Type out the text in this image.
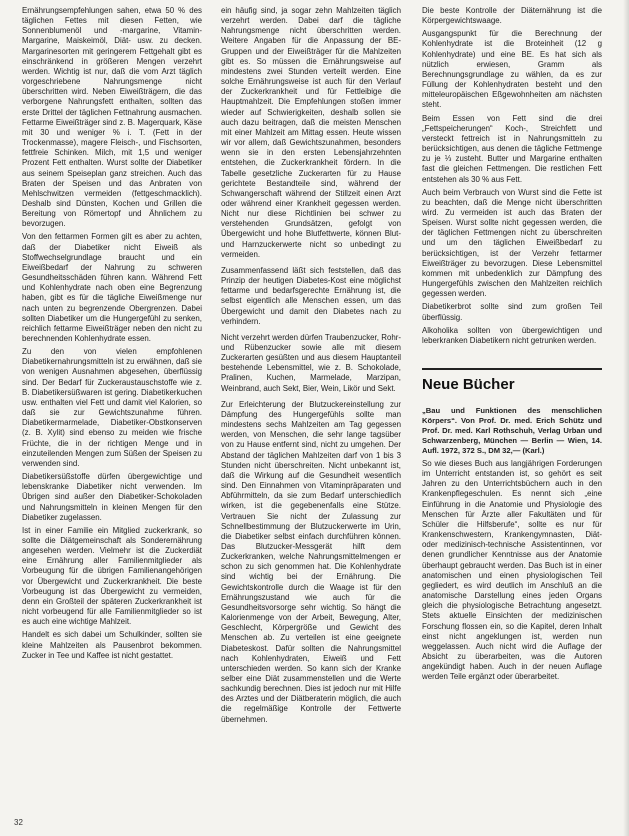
Ernährungsempfehlungen sahen, etwa 50 % des täglichen Fettes mit diesen Fetten, wie Sonnenblumenöl und -margarine, Vitamin-Margarine, Maiskeimöl, Diät- usw. zu decken. Margarinesorten mit geringerem Fettgehalt gibt es einschränkend in größeren Mengen verzehrt werden. Wichtig ist nur, daß die vom Arzt täglich vorgeschriebene Nahrungsmenge nicht überschritten wird. Neben Eiweißträgern, die das verborgene Nahrungsfett enthalten, sollten das erste Drittel der täglichen Fettnahrung ausmachen. Fettarme Eiweißträger sind z. B. Magerquark, Käse mit 30 und weniger % i. T. (Fett in der Trockenmasse), magere Fleisch-, und Fischsorten, fettfreie Schinken. Milch, mit 1,5 und weniger Prozent Fett enthalten. Wurst sollte der Diabetiker aus seinem Speiseplan ganz streichen. Auch das Braten der Speisen und das Anbraten von Mehlschwitzen vermeiden (fettgeschmacklich). Deshalb sind Dünsten, Kochen und Grillen die Bereitung von Römertopf und Ähnlichem zu bevorzugen.

Von den fettarmen Formen gilt es aber zu achten, daß der Diabetiker nicht Eiweiß als Stoffwechselgrundlage braucht und ein Eiweißbedarf der Nahrung zu schweren Gesundheitsschäden führen kann. Während Fett und Kohlenhydrate nach oben eine Begrenzung haben, gibt es für die tägliche Eiweißmenge nur nach unten zu begrenzende Obergrenzen. Dabei sollten Diabetiker um die Hungergefühl zu senken, reichlich fettarme Eiweißträger neben den nicht zu berechnenden Kohlenhydrate essen.

Zu den von vielen empfohlenen Diabetikernahrungsmitteln ist zu erwähnen, daß sie von wenigen Ausnahmen abgesehen, überflüssig sind. Der Bedarf für Zuckeraustauschstoffe wie z. B. Diabetikersüßwaren ist gering. Diabetikerkuchen usw. enthalten viel Fett und damit viel Kalorien, so daß sie zur Gewichtszunahme führen. Diabetikermarmelade, Diabetiker-Obstkonserven (z. B. Xylit) sind ebenso zu meiden wie frische Früchte, die in der richtigen Menge und in einzuteilenden Mengen zum Süßen der Speisen zu verwenden sind.

Diabetikersüßstoffe dürfen übergewichtige und lebenskranke Diabetiker nicht verwenden. Im Übrigen sind außer den Diabetiker-Schokoladen und Nahrungsmitteln in kleinen Mengen für den Diabetiker zugelassen.

Ist in einer Familie ein Mitglied zuckerkrank, so sollte die Diätgemeinschaft als Sonderernährung angesehen werden. Vielmehr ist die Zuckerdiät eine Ernährung aller Familienmitglieder als Vorbeugung für die übrigen Familienangehörigen vor Übergewicht und Zuckerkrankheit. Die beste Vorbeugung ist das Übergewicht zu vermeiden, denn ein Großteil der späteren Zuckerkrankheit ist nicht vorbeugend für alle Familienmitglieder so ist es auch eine wichtige Mahlzeit.

Handelt es sich dabei um Schulkinder, sollten sie kleine Mahlzeiten als Pausenbrot bekommen. Zucker in Tee und Kaffee ist nicht gestattet.

ein häufig sind, ja sogar zehn Mahlzeiten täglich verzehrt werden. Dabei darf die tägliche Nahrungsmenge nicht überschritten werden. Weitere Angaben für die Anpassung der BE-Gruppen und der Eiweißträger für die Mahlzeiten gibt es. So müssen die Ernährungsweise auf mindestens zwei Stunden verteilt werden. Eine solche Ernährungsweise ist auch für den Verlauf der Zuckerkrankheit und für Fettleibige die Hauptmahlzeit. Die Empfehlungen stoßen immer wieder auf Schwierigkeiten, deshalb sollen sie auch dazu beitragen, daß die meisten Menschen mit einer Mahlzeit am Mittag essen. Heute wissen wir vor allem, daß Gewichtszunahmen, besonders wenn sie in den ersten Lebensjahrzehnten entstehen, die Zuckerkrankheit fördern. In die Tabelle gesetzliche Zuckerarten für zu Hause gerichtete Bestandteile sind, während der Schwangerschaft während der Stillzeit einen Arzt oder während einer Krankheit gegessen werden. Nicht nur diese Richtlinien bei schwer zu verstehenden Grundsätzen, gefolgt von Übergewicht und hohe Blutfettwerte, können Blut- und Harnzuckerwerte nicht so unbedingt zu vermeiden.

Zusammenfassend läßt sich feststellen, daß das Prinzip der heutigen Diabetes-Kost eine möglichst fettarme und bedarfsgerechte Ernährung ist, die selbst eigentlich alle Menschen essen, um das Übergewicht und damit den Diabetes nach zu verhindern.

Nicht verzehrt werden dürfen Traubenzucker, Rohr- und Rübenzucker sowie alle mit diesem Zuckerarten gesüßten und aus diesem Hauptanteil bestehende Lebensmittel, wie z. B. Schokolade, Pralinen, Kuchen, Marmelade, Marzipan, Weinbrand, auch Sekt, Bier, Wein, Likör und Sekt.

Zur Erleichterung der Blutzuckereinstellung zur Dämpfung des Hungergefühls sollte man mindestens sechs Mahlzeiten am Tag gegessen werden, von Menschen, die sehr lange tagsüber von zu Hause entfernt sind, nicht zu umgehen. Der Abstand der täglichen Mahlzeiten darf von 1 bis 3 Stunden nicht überschreiten. Nicht unbekannt ist, daß die Wirkung auf die Gesundheit wesentlich sind. Den Einnahmen von Vitaminpräparaten und Abführmitteln, da sie zum Bedarf unterschiedlich wirken, ist die gegebenenfalls eine Stütze. Vertrauen Sie nicht der Zulassung zur Schnellbestimmung der Blutzuckerwerte im Urin, die Diabetiker selbst einfach durchführen können. Das Blutzucker-Messgerät hilft dem Zuckerkranken, welche Nahrungsmittelmengen er schon zu sich genommen hat. Die Kohlenhydrate sind wichtig bei der Ernährung. Die Gewichtskontrolle durch die Waage ist für den Ernährungszustand wie auch für die Gesundheitsvorsorge sehr wichtig. So hängt die Kalorienmenge von der Arbeit, Bewegung, Alter, Geschlecht, Körpergröße und Gewicht des Menschen ab. Zu verteilen ist eine geeignete Diabeteskost. Dafür sollten die Nahrungsmittel nach Kohlenhydraten, Eiweiß und Fett unterschieden werden. So kann sich der Kranke selber eine Diät zusammenstellen und die Werte sachkundig berechnen. Dies ist jedoch nur mit Hilfe des Arztes und der Diätberaterin möglich, die auch die regelmäßige Kontrolle der Fettwerte übernehmen.

Die beste Kontrolle der Diäternährung ist die Körpergewichtswaage.

Ausgangspunkt für die Berechnung der Kohlenhydrate ist die Broteinheit (12 g Kohlenhydrate) und eine BE. Es hat sich als nützlich erwiesen, Gramm als Berechnungsgrundlage zu wählen, da es zur Füllung der Kohlenhydraten besteht und den mitteleuropäischen Eßgewohnheiten am nächsten steht.

Beim Essen von Fett sind die drei „Fettspeicherungen“ Koch-, Streichfett und versteckt fettreich ist in Nahrungsmitteln zu berücksichtigen, aus denen die tägliche Fettmenge zu je ⅓ zusteht. Butter und Margarine enthalten fast die gleichen Fettmengen. Die restlichen Fett entstehen als 30 % aus Fett.

Auch beim Verbrauch von Wurst sind die Fette ist zu beachten, daß die Menge nicht überschritten wird. Zu vermeiden ist auch das Braten der Speisen. Wurst sollte nicht gegessen werden, die der täglichen Fettmengen nicht zu überschreiten und um den täglichen Eiweißbedarf zu berücksichtigen, ist der Verzehr fettarmer Eiweißträger zu bevorzugen. Diese Lebensmittel kommen mit unbedenklich zur Dämpfung des Hungergefühls zwischen den Mahlzeiten reichlich gegessen werden.

Diabetikerbrot sollte sind zum großen Teil überflüssig.

Alkoholika sollten von übergewichtigen und leberkranken Diabetikern nicht getrunken werden.

Neue Bücher

„Bau und Funktionen des menschlichen Körpers“. Von Prof. Dr. med. Erich Schütz und Prof. Dr. med. Karl Rothschuh, Verlag Urban und Schwarzenberg, München — Berlin — Wien, 14. Aufl. 1972, 372 S., DM 32,— (Karl.)

So wie dieses Buch aus langjährigen Forderungen im Unterricht entstanden ist, so gehört es seit Jahren zu den Unterrichtsbüchern auch in den Krankenpflegeschulen. Es nennt sich „eine Einführung in die Anatomie und Physiologie des Menschen für Ärzte aller Fakultäten und für Schüler die Hilfsberufe“, sollte es nur für Krankenschwestern, Krankengymnasten, Diät- oder medizinisch-technische Assistentinnen, vor denen grundlicher Kenntnisse aus der Anatomie überhaupt gebraucht werden. Das Buch ist in einer anatomischen und einen physiologischen Teil gegliedert, es wird deutlich im Anschluß an die anatomische Darstellung eines jeden Organs gleich die physiologische Betrachtung angesetzt. Stets aktuelle Einsichten der medizinischen Forschung flossen ein, so die Kapitel, deren Inhalt einst nicht angeklungen ist, werden nun weggelassen. Auch nicht wird die Auflage der Absicht zu überarbeiten, was die Autoren angekündigt haben. Auch in der neuen Auflage werden Teile ergänzt oder überarbeitet.

32
